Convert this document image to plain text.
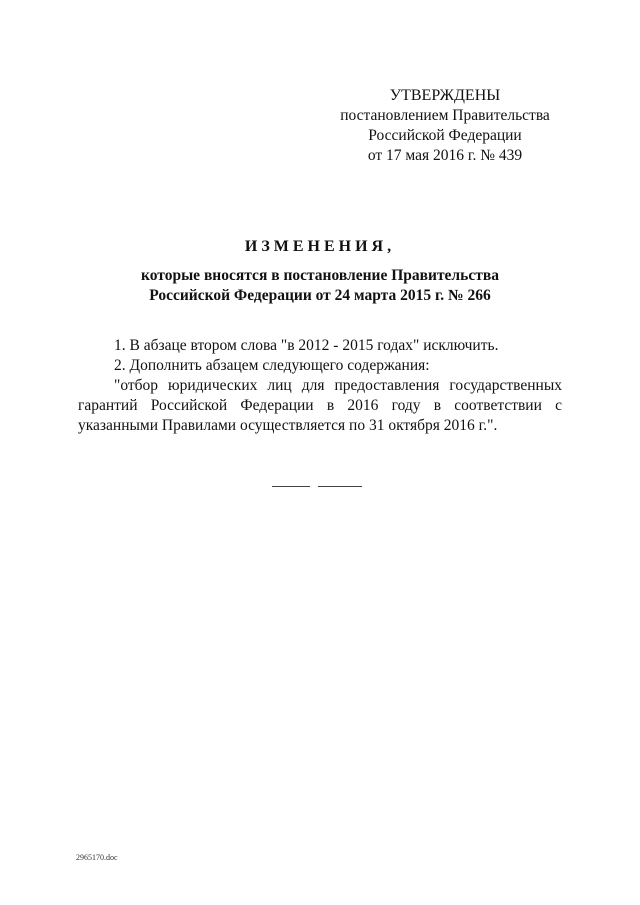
УТВЕРЖДЕНЫ
постановлением Правительства
Российской Федерации
от 17 мая 2016 г. № 439
ИЗМЕНЕНИЯ,
которые вносятся в постановление Правительства
Российской Федерации от 24 марта 2015 г. № 266

1. В абзаце втором слова "в 2012 - 2015 годах" исключить.

2. Дополнить абзацем следующего содержания:

"отбор юридических лиц для предоставления государственных гарантий Российской Федерации в 2016 году в соответствии с указанными Правилами осуществляется по 31 октября 2016 г.".

2965170.doc
